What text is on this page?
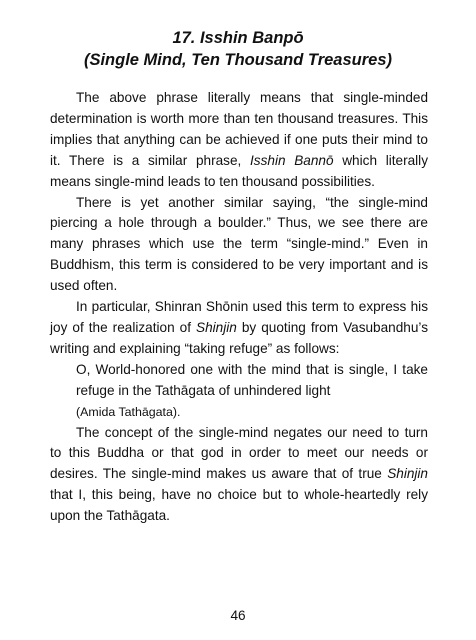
17. Isshin Banpō
(Single Mind, Ten Thousand Treasures)

The above phrase literally means that single-minded determination is worth more than ten thousand treasures. This implies that anything can be achieved if one puts their mind to it. There is a similar phrase, Isshin Bannō which literally means single-mind leads to ten thousand possibilities.

There is yet another similar saying, “the single-mind piercing a hole through a boulder.” Thus, we see there are many phrases which use the term “single-mind.” Even in Buddhism, this term is considered to be very important and is used often.

In particular, Shinran Shōnin used this term to express his joy of the realization of Shinjin by quoting from Vasubandhu’s writing and explaining “taking refuge” as follows:

O, World-honored one with the mind that is single, I take refuge in the Tathāgata of unhindered light
(Amida Tathāgata).

The concept of the single-mind negates our need to turn to this Buddha or that god in order to meet our needs or desires. The single-mind makes us aware that of true Shinjin that I, this being, have no choice but to whole-heartedly rely upon the Tathāgata.

46
